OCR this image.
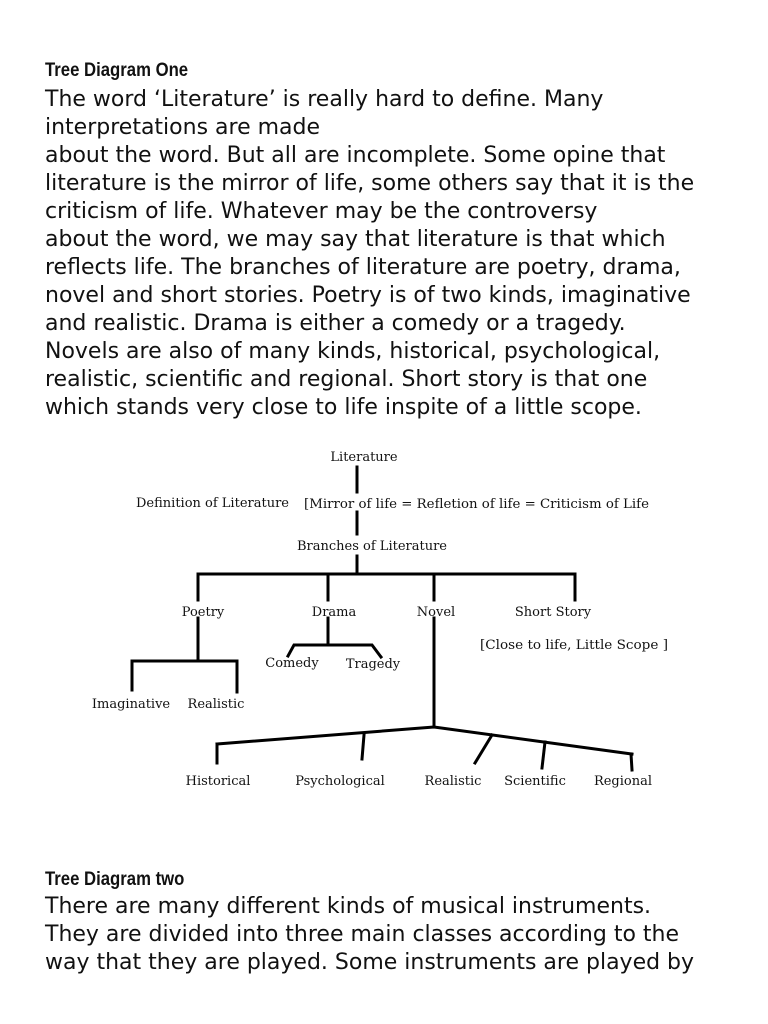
Tree Diagram One

The word ‘Literature’ is really hard to define. Many
interpretations are made
about the word. But all are incomplete. Some opine that
literature is the mirror of life, some others say that it is the
criticism of life. Whatever may be the controversy
about the word, we may say that literature is that which
reflects life. The branches of literature are poetry, drama,
novel and short stories. Poetry is of two kinds, imaginative
and realistic. Drama is either a comedy or a tragedy.
Novels are also of many kinds, historical, psychological,
realistic, scientific and regional. Short story is that one
which stands very close to life inspite of a little scope.

Literature
Definition of Literature [Mirror of life = Refletion of life = Criticism of Life
Branches of Literature
Poetry	Drama	Novel	Short Story
[Close to life, Little Scope ]
Comedy Tragedy
Imaginative Realistic
Historical	Psychological	Realistic Scientific Regional
Tree Diagram two

There are many different kinds of musical instruments.
They are divided into three main classes according to the
way that they are played. Some instruments are played by
